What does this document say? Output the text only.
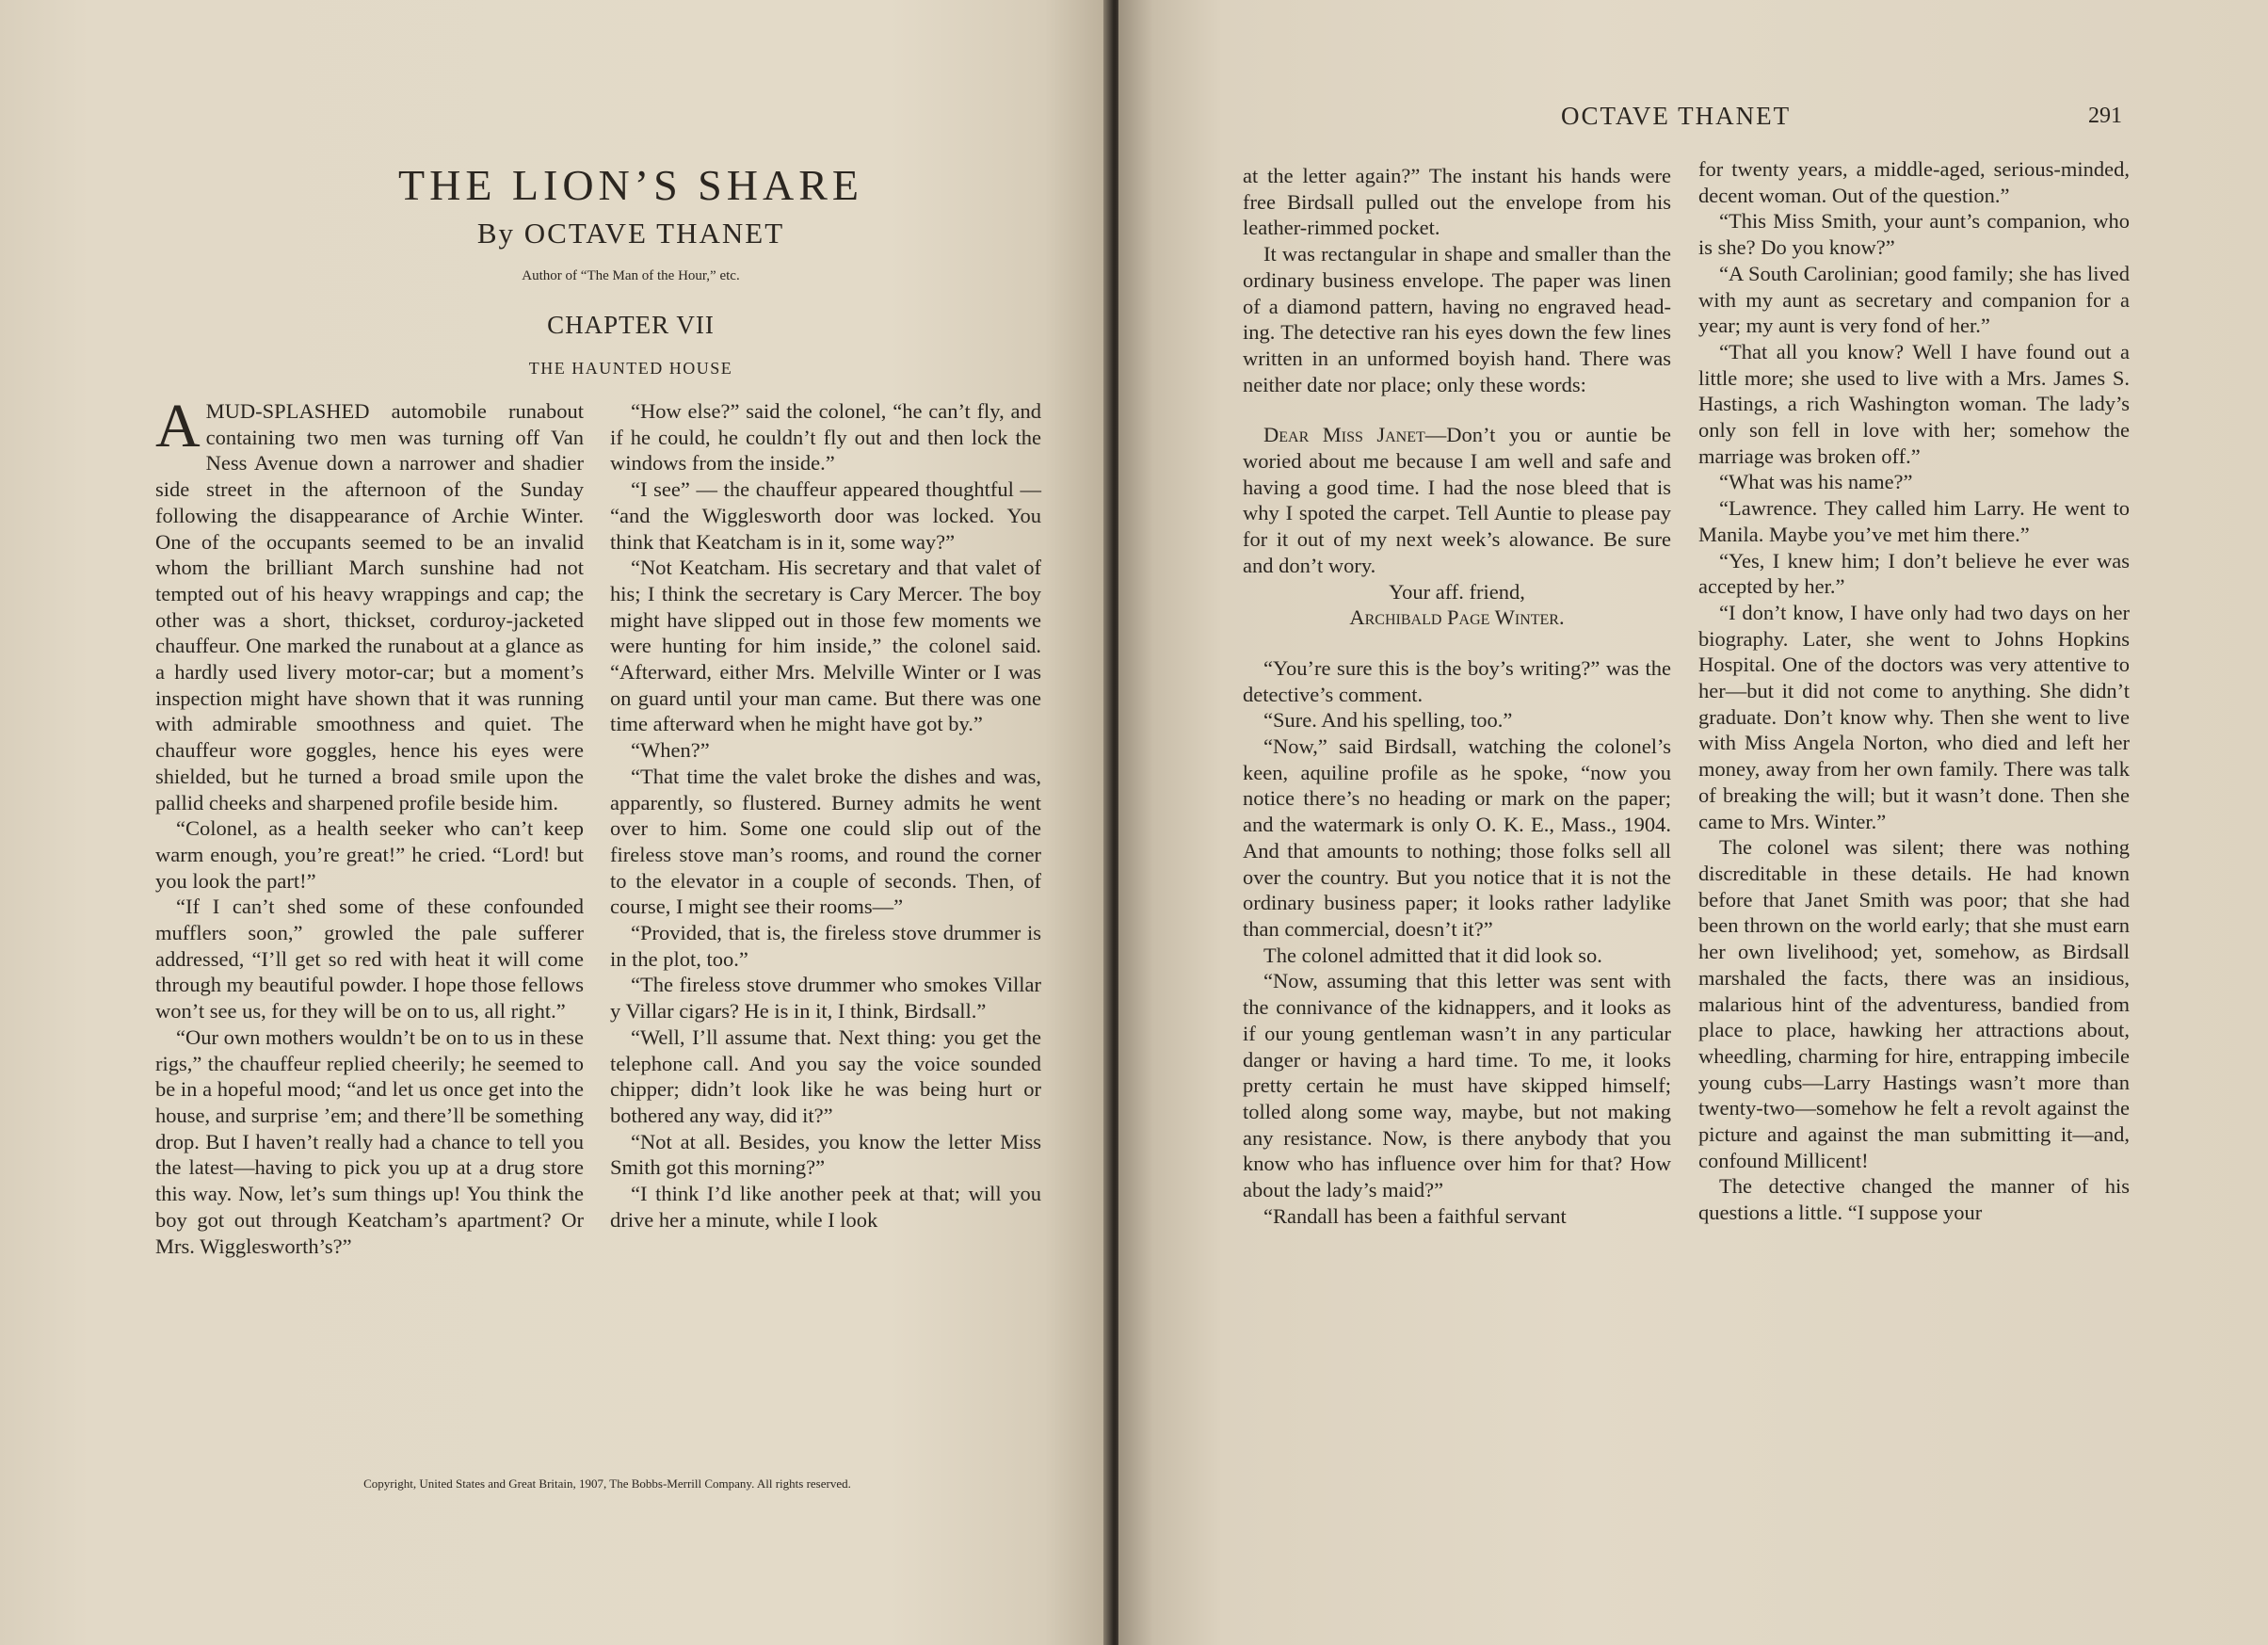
THE LION’S SHARE
By OCTAVE THANET
Author of “The Man of the Hour,” etc.
CHAPTER VII
THE HAUNTED HOUSE

AMUD-SPLASHED automobile runabout containing two men was turning off Van Ness Avenue down a narrower and shadier side street in the afternoon of the Sunday following the disappearance of Archie Winter. One of the occupants seemed to be an invalid whom the brilliant March sunshine had not tempted out of his heavy wrappings and cap; the other was a short, thickset, corduroy-jacketed chauffeur. One marked the runabout at a glance as a hardly used livery motor-car; but a moment’s inspection might have shown that it was running with admirable smoothness and quiet. The chauffeur wore goggles, hence his eyes were shielded, but he turned a broad smile upon the pallid cheeks and sharpened profile beside him.

“Colonel, as a health seeker who can’t keep warm enough, you’re great!” he cried. “Lord! but you look the part!”

“If I can’t shed some of these confounded mufflers soon,” growled the pale sufferer addressed, “I’ll get so red with heat it will come through my beautiful powder. I hope those fellows won’t see us, for they will be on to us, all right.”

“Our own mothers wouldn’t be on to us in these rigs,” the chauffeur replied cheerily; he seemed to be in a hopeful mood; “and let us once get into the house, and surprise ’em; and there’ll be something drop. But I haven’t really had a chance to tell you the latest—having to pick you up at a drug store this way. Now, let’s sum things up! You think the boy got out through Keatcham’s apartment? Or Mrs. Wigglesworth’s?”

“How else?” said the colonel, “he can’t fly, and if he could, he couldn’t fly out and then lock the windows from the inside.”

“I see” — the chauffeur appeared thoughtful — “and the Wigglesworth door was locked. You think that Keatcham is in it, some way?”

“Not Keatcham. His secretary and that valet of his; I think the secretary is Cary Mercer. The boy might have slipped out in those few moments we were hunting for him inside,” the colonel said. “Afterward, either Mrs. Melville Winter or I was on guard until your man came. But there was one time afterward when he might have got by.”

“When?”

“That time the valet broke the dishes and was, apparently, so flustered. Burney admits he went over to him. Some one could slip out of the fireless stove man’s rooms, and round the corner to the elevator in a couple of seconds. Then, of course, I might see their rooms—”

“Provided, that is, the fireless stove drummer is in the plot, too.”

“The fireless stove drummer who smokes Villar y Villar cigars? He is in it, I think, Birdsall.”

“Well, I’ll assume that. Next thing: you get the telephone call. And you say the voice sounded chipper; didn’t look like he was being hurt or bothered any way, did it?”

“Not at all. Besides, you know the letter Miss Smith got this morning?”

“I think I’d like another peek at that; will you drive her a minute, while I look

Copyright, United States and Great Britain, 1907, The Bobbs-Merrill Company. All rights reserved.
OCTAVE THANET	291

at the letter again?” The instant his hands were free Birdsall pulled out the envelope from his leather-rimmed pocket.

It was rectangular in shape and smaller than the ordinary business envelope. The paper was linen of a diamond pattern, having no engraved heading. The detective ran his eyes down the few lines written in an unformed boyish hand. There was neither date nor place; only these words:

Dear Miss Janet—Don’t you or auntie be woried about me because I am well and safe and having a good time. I had the nose bleed that is why I spoted the carpet. Tell Auntie to please pay for it out of my next week’s alowance. Be sure and don’t wory.

Your aff. friend,

Archibald Page Winter.

“You’re sure this is the boy’s writing?” was the detective’s comment.

“Sure. And his spelling, too.”

“Now,” said Birdsall, watching the colonel’s keen, aquiline profile as he spoke, “now you notice there’s no heading or mark on the paper; and the watermark is only O. K. E., Mass., 1904. And that amounts to nothing; those folks sell all over the country. But you notice that it is not the ordinary business paper; it looks rather ladylike than commercial, doesn’t it?”

The colonel admitted that it did look so.

“Now, assuming that this letter was sent with the connivance of the kidnappers, and it looks as if our young gentleman wasn’t in any particular danger or having a hard time. To me, it looks pretty certain he must have skipped himself; tolled along some way, maybe, but not making any resistance. Now, is there anybody that you know who has influence over him for that? How about the lady’s maid?”

“Randall has been a faithful servant

for twenty years, a middle-aged, serious-minded, decent woman. Out of the question.”

“This Miss Smith, your aunt’s companion, who is she? Do you know?”

“A South Carolinian; good family; she has lived with my aunt as secretary and companion for a year; my aunt is very fond of her.”

“That all you know? Well I have found out a little more; she used to live with a Mrs. James S. Hastings, a rich Washington woman. The lady’s only son fell in love with her; somehow the marriage was broken off.”

“What was his name?”

“Lawrence. They called him Larry. He went to Manila. Maybe you’ve met him there.”

“Yes, I knew him; I don’t believe he ever was accepted by her.”

“I don’t know, I have only had two days on her biography. Later, she went to Johns Hopkins Hospital. One of the doctors was very attentive to her—but it did not come to anything. She didn’t graduate. Don’t know why. Then she went to live with Miss Angela Norton, who died and left her money, away from her own family. There was talk of breaking the will; but it wasn’t done. Then she came to Mrs. Winter.”

The colonel was silent; there was nothing discreditable in these details. He had known before that Janet Smith was poor; that she had been thrown on the world early; that she must earn her own livelihood; yet, somehow, as Birdsall marshaled the facts, there was an insidious, malarious hint of the adventuress, bandied from place to place, hawking her attractions about, wheedling, charming for hire, entrapping imbecile young cubs—Larry Hastings wasn’t more than twenty-two—somehow he felt a revolt against the picture and against the man submitting it—and, confound Millicent!

The detective changed the manner of his questions a little. “I suppose your
